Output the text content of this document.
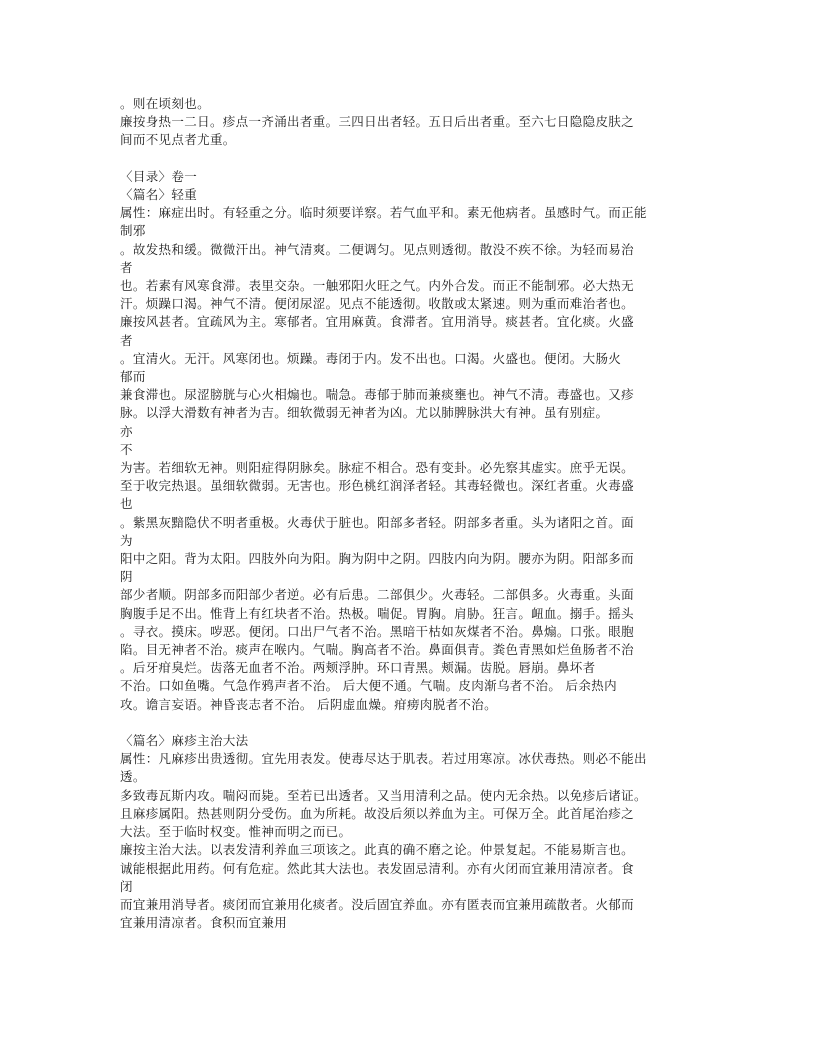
。则在顷刻也。
廉按身热一二日。疹点一齐涌出者重。三四日出者轻。五日后出者重。至六七日隐隐皮肤之
间而不见点者尤重。
〈目录〉卷一
〈篇名〉轻重
属性：麻症出时。有轻重之分。临时须要详察。若气血平和。素无他病者。虽感时气。而正能
制邪
。故发热和缓。微微汗出。神气清爽。二便调匀。见点则透彻。散没不疾不徐。为轻而易治
者
也。若素有风寒食滞。表里交杂。一触邪阳火旺之气。内外合发。而正不能制邪。必大热无
汗。烦躁口渴。神气不清。便闭尿涩。见点不能透彻。收散或太紧速。则为重而难治者也。
廉按风甚者。宜疏风为主。寒郁者。宜用麻黄。食滞者。宜用消导。痰甚者。宜化痰。火盛
者
。宜清火。无汗。风寒闭也。烦躁。毒闭于内。发不出也。口渴。火盛也。便闭。大肠火
郁而
兼食滞也。尿涩膀胱与心火相煽也。喘急。毒郁于肺而兼痰壅也。神气不清。毒盛也。又疹
脉。以浮大滑数有神者为吉。细软微弱无神者为凶。尤以肺脾脉洪大有神。虽有别症。
亦
不
为害。若细软无神。则阳症得阴脉矣。脉症不相合。恐有变卦。必先察其虚实。庶乎无误。
至于收完热退。虽细软微弱。无害也。形色桃红润泽者轻。其毒轻微也。深红者重。火毒盛
也
。紫黑灰黯隐伏不明者重极。火毒伏于脏也。阳部多者轻。阴部多者重。头为诸阳之首。面
为
阳中之阳。背为太阳。四肢外向为阳。胸为阴中之阴。四肢内向为阴。腰亦为阴。阳部多而
阴
部少者顺。阴部多而阳部少者逆。必有后患。二部俱少。火毒轻。二部俱多。火毒重。头面
胸腹手足不出。惟背上有红块者不治。热极。喘促。胃胸。肩胁。狂言。衄血。搦手。摇头
。寻衣。摸床。哕恶。便闭。口出尸气者不治。黑暗干枯如灰煤者不治。鼻煽。口张。眼胞
陷。目无神者不治。痰声在喉内。气喘。胸高者不治。鼻面俱青。粪色青黑如烂鱼肠者不治
。后牙疳臭烂。齿落无血者不治。两颊浮肿。环口青黑。颊漏。齿脱。唇崩。鼻坏者
不治。口如鱼嘴。气急作鸦声者不治。 后大便不通。气喘。皮肉渐乌者不治。 后余热内
攻。谵言妄语。神昏丧志者不治。 后阴虚血燥。疳痨肉脱者不治。
〈篇名〉麻疹主治大法
属性：凡麻疹出贵透彻。宜先用表发。使毒尽达于肌表。若过用寒凉。冰伏毒热。则必不能出
透。
多致毒瓦斯内攻。喘闷而毙。至若已出透者。又当用清利之品。使内无余热。以免疹后诸证。
且麻疹属阳。热甚则阴分受伤。血为所耗。故没后须以养血为主。可保万全。此首尾治疹之
大法。至于临时权变。惟神而明之而已。
廉按主治大法。以表发清利养血三项该之。此真的确不磨之论。仲景复起。不能易斯言也。
诚能根据此用药。何有危症。然此其大法也。表发固忌清利。亦有火闭而宜兼用清凉者。食
闭
而宜兼用消导者。痰闭而宜兼用化痰者。没后固宜养血。亦有匿表而宜兼用疏散者。火郁而
宜兼用清凉者。食积而宜兼用
